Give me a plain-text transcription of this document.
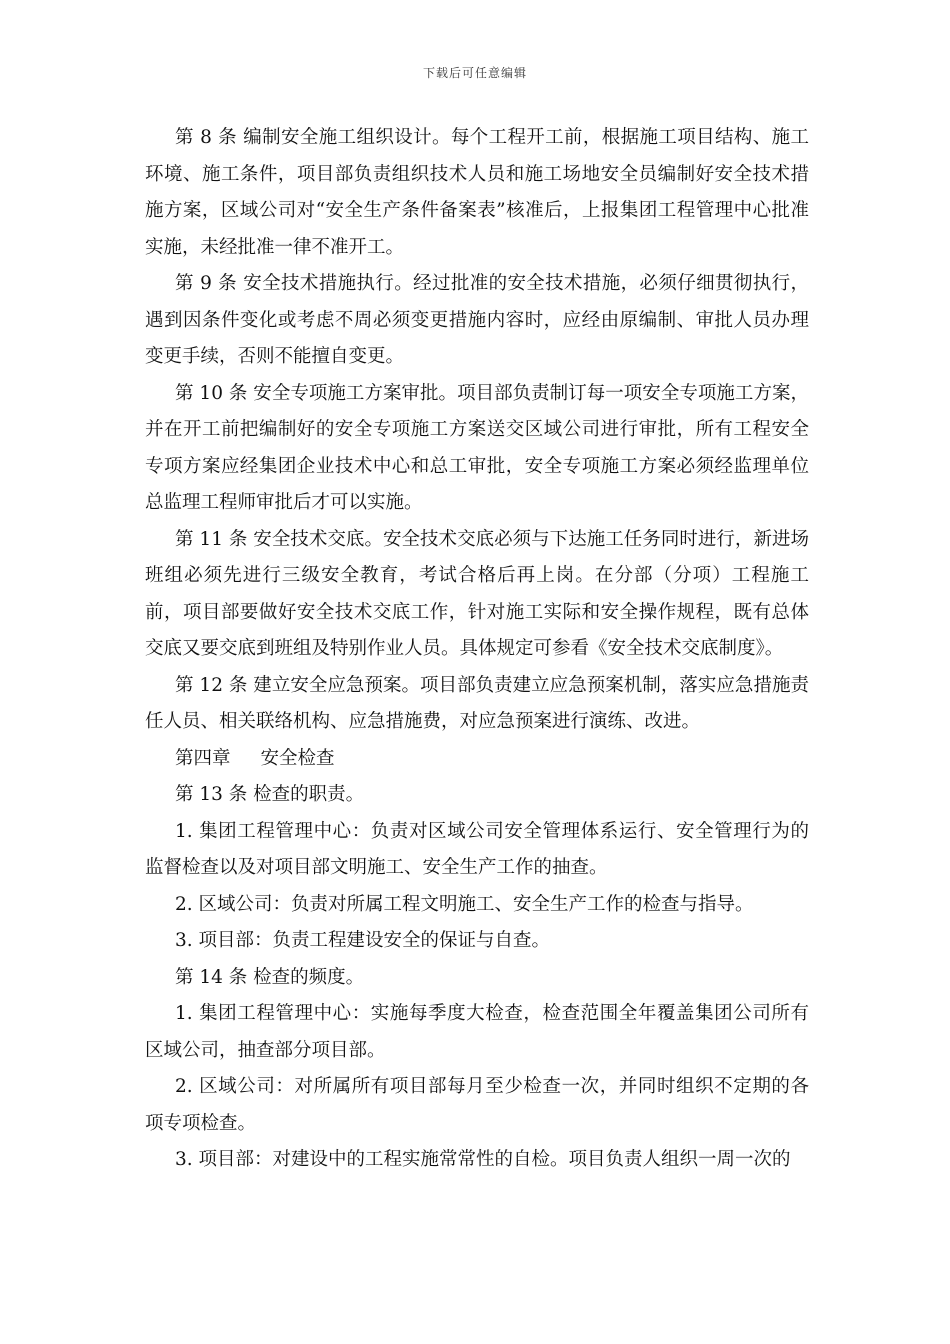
下载后可任意编辑

第 8 条 编制安全施工组织设计。每个工程开工前，根据施工项目结构、施工环境、施工条件，项目部负责组织技术人员和施工场地安全员编制好安全技术措施方案，区域公司对“安全生产条件备案表”核准后，上报集团工程管理中心批准实施，未经批准一律不准开工。

第 9 条 安全技术措施执行。经过批准的安全技术措施，必须仔细贯彻执行，遇到因条件变化或考虑不周必须变更措施内容时，应经由原编制、审批人员办理变更手续，否则不能擅自变更。

第 10 条 安全专项施工方案审批。项目部负责制订每一项安全专项施工方案，并在开工前把编制好的安全专项施工方案送交区域公司进行审批，所有工程安全专项方案应经集团企业技术中心和总工审批，安全专项施工方案必须经监理单位总监理工程师审批后才可以实施。

第 11 条 安全技术交底。安全技术交底必须与下达施工任务同时进行，新进场班组必须先进行三级安全教育，考试合格后再上岗。在分部（分项）工程施工前，项目部要做好安全技术交底工作，针对施工实际和安全操作规程，既有总体交底又要交底到班组及特别作业人员。具体规定可参看《安全技术交底制度》。

第 12 条 建立安全应急预案。项目部负责建立应急预案机制，落实应急措施责任人员、相关联络机构、应急措施费，对应急预案进行演练、改进。

第四章 安全检查

第 13 条 检查的职责。

1. 集团工程管理中心：负责对区域公司安全管理体系运行、安全管理行为的监督检查以及对项目部文明施工、安全生产工作的抽查。

2. 区域公司：负责对所属工程文明施工、安全生产工作的检查与指导。

3. 项目部：负责工程建设安全的保证与自查。

第 14 条 检查的频度。

1. 集团工程管理中心：实施每季度大检查，检查范围全年覆盖集团公司所有区域公司，抽查部分项目部。

2. 区域公司：对所属所有项目部每月至少检查一次，并同时组织不定期的各项专项检查。

3. 项目部：对建设中的工程实施常常性的自检。项目负责人组织一周一次的
